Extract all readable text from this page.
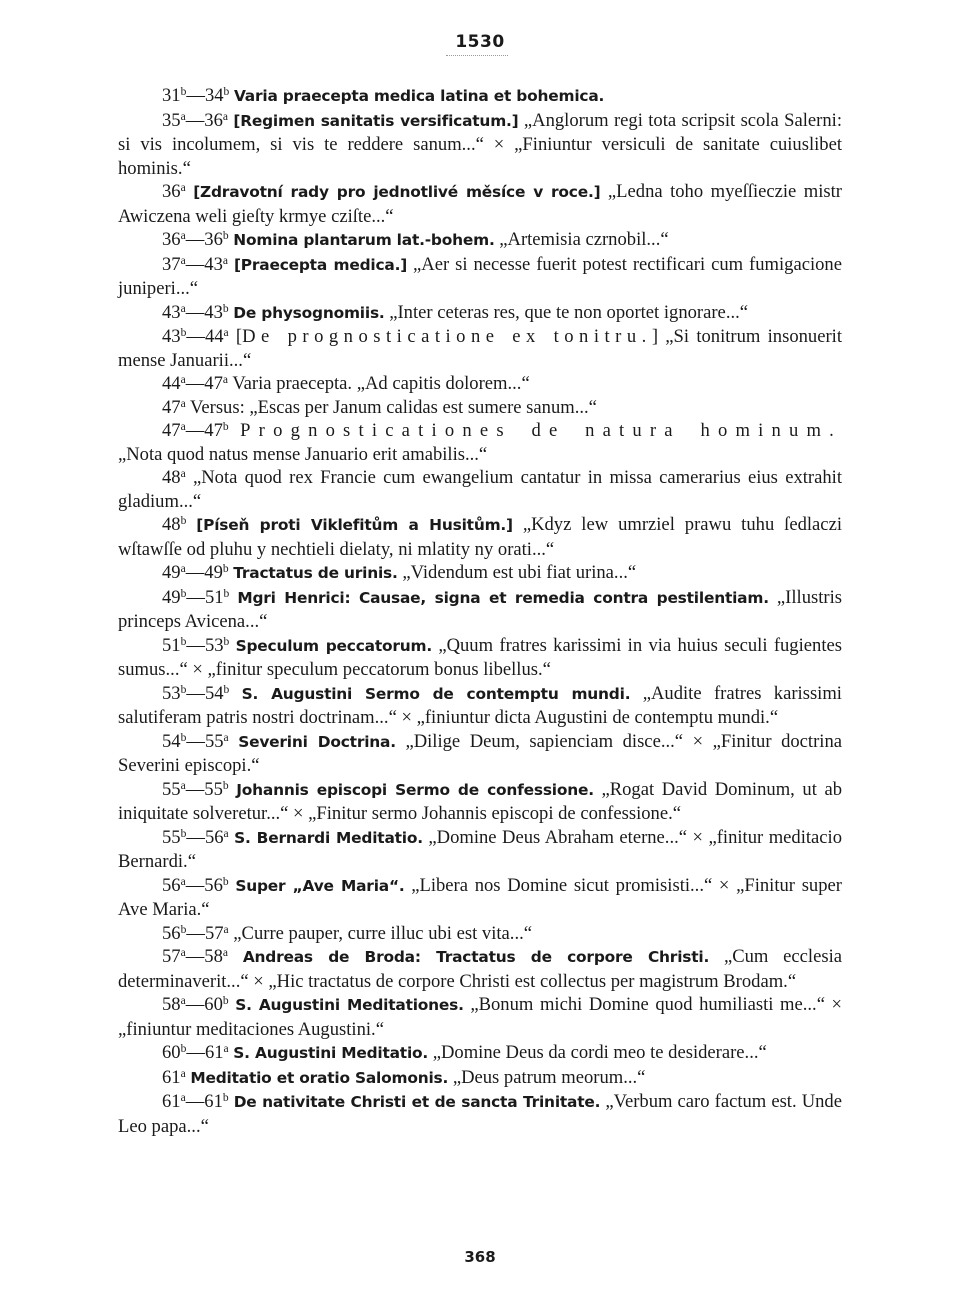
1530

31$^b$—34$^b$ Varia praecepta medica latina et bohemica.

35$^a$—36$^a$ [Regimen sanitatis versificatum.] „Anglorum regi tota scripsit scola Salerni: si vis incolumem, si vis te reddere sanum...“ × „Finiuntur versiculi de sanitate cuiuslibet hominis.“

36$^a$ [Zdravotní rady pro jednotlivé měsíce v roce.] „Ledna toho myeſſieczie mistr Awiczena weli gieſty krmye cziſte...“

36$^a$—36$^b$ Nomina plantarum lat.-bohem. „Artemisia czrnobil...“

37$^a$—43$^a$ [Praecepta medica.] „Aer si necesse fuerit potest rectificari cum fumigacione juniperi...“

43$^a$—43$^b$ De physognomiis. „Inter ceteras res, que te non oportet ignorare...“

43$^b$—44$^a$ [De prognosticatione ex tonitru.] „Si tonitrum insonuerit mense Januarii...“

44$^a$—47$^a$ Varia praecepta. „Ad capitis dolorem...“

47$^a$ Versus: „Escas per Janum calidas est sumere sanum...“

47$^a$—47$^b$ Prognosticationes de natura hominum. „Nota quod natus mense Januario erit amabilis...“

48$^a$ „Nota quod rex Francie cum ewangelium cantatur in missa camerarius eius extrahit gladium...“

48$^b$ [Píseň proti Viklefitům a Husitům.] „Kdyz lew umrziel prawu tuhu ſedlaczi wſtawſſe od pluhu y nechtieli dielaty, ni mlatity ny orati...“

49$^a$—49$^b$ Tractatus de urinis. „Videndum est ubi fiat urina...“

49$^b$—51$^b$ Mgri Henrici: Causae, signa et remedia contra pestilentiam. „Illustris princeps Avicena...“

51$^b$—53$^b$ Speculum peccatorum. „Quum fratres karissimi in via huius seculi fugientes sumus...“ × „finitur speculum peccatorum bonus libellus.“

53$^b$—54$^b$ S. Augustini Sermo de contemptu mundi. „Audite fratres karissimi salutiferam patris nostri doctrinam...“ × „finiuntur dicta Augustini de contemptu mundi.“

54$^b$—55$^a$ Severini Doctrina. „Dilige Deum, sapienciam disce...“ × „Finitur doctrina Severini episcopi.“

55$^a$—55$^b$ Johannis episcopi Sermo de confessione. „Rogat David Dominum, ut ab iniquitate solveretur...“ × „Finitur sermo Johannis episcopi de confessione.“

55$^b$—56$^a$ S. Bernardi Meditatio. „Domine Deus Abraham eterne...“ × „finitur meditacio Bernardi.“

56$^a$—56$^b$ Super „Ave Maria“. „Libera nos Domine sicut promisisti...“ × „Finitur super Ave Maria.“

56$^b$—57$^a$ „Curre pauper, curre illuc ubi est vita...“

57$^a$—58$^a$ Andreas de Broda: Tractatus de corpore Christi. „Cum ecclesia determinaverit...“ × „Hic tractatus de corpore Christi est collectus per magistrum Brodam.“

58$^a$—60$^b$ S. Augustini Meditationes. „Bonum michi Domine quod humiliasti me...“ × „finiuntur meditaciones Augustini.“

60$^b$—61$^a$ S. Augustini Meditatio. „Domine Deus da cordi meo te desiderare...“

61$^a$ Meditatio et oratio Salomonis. „Deus patrum meorum...“

61$^a$—61$^b$ De nativitate Christi et de sancta Trinitate. „Verbum caro factum est. Unde Leo papa...“

368
